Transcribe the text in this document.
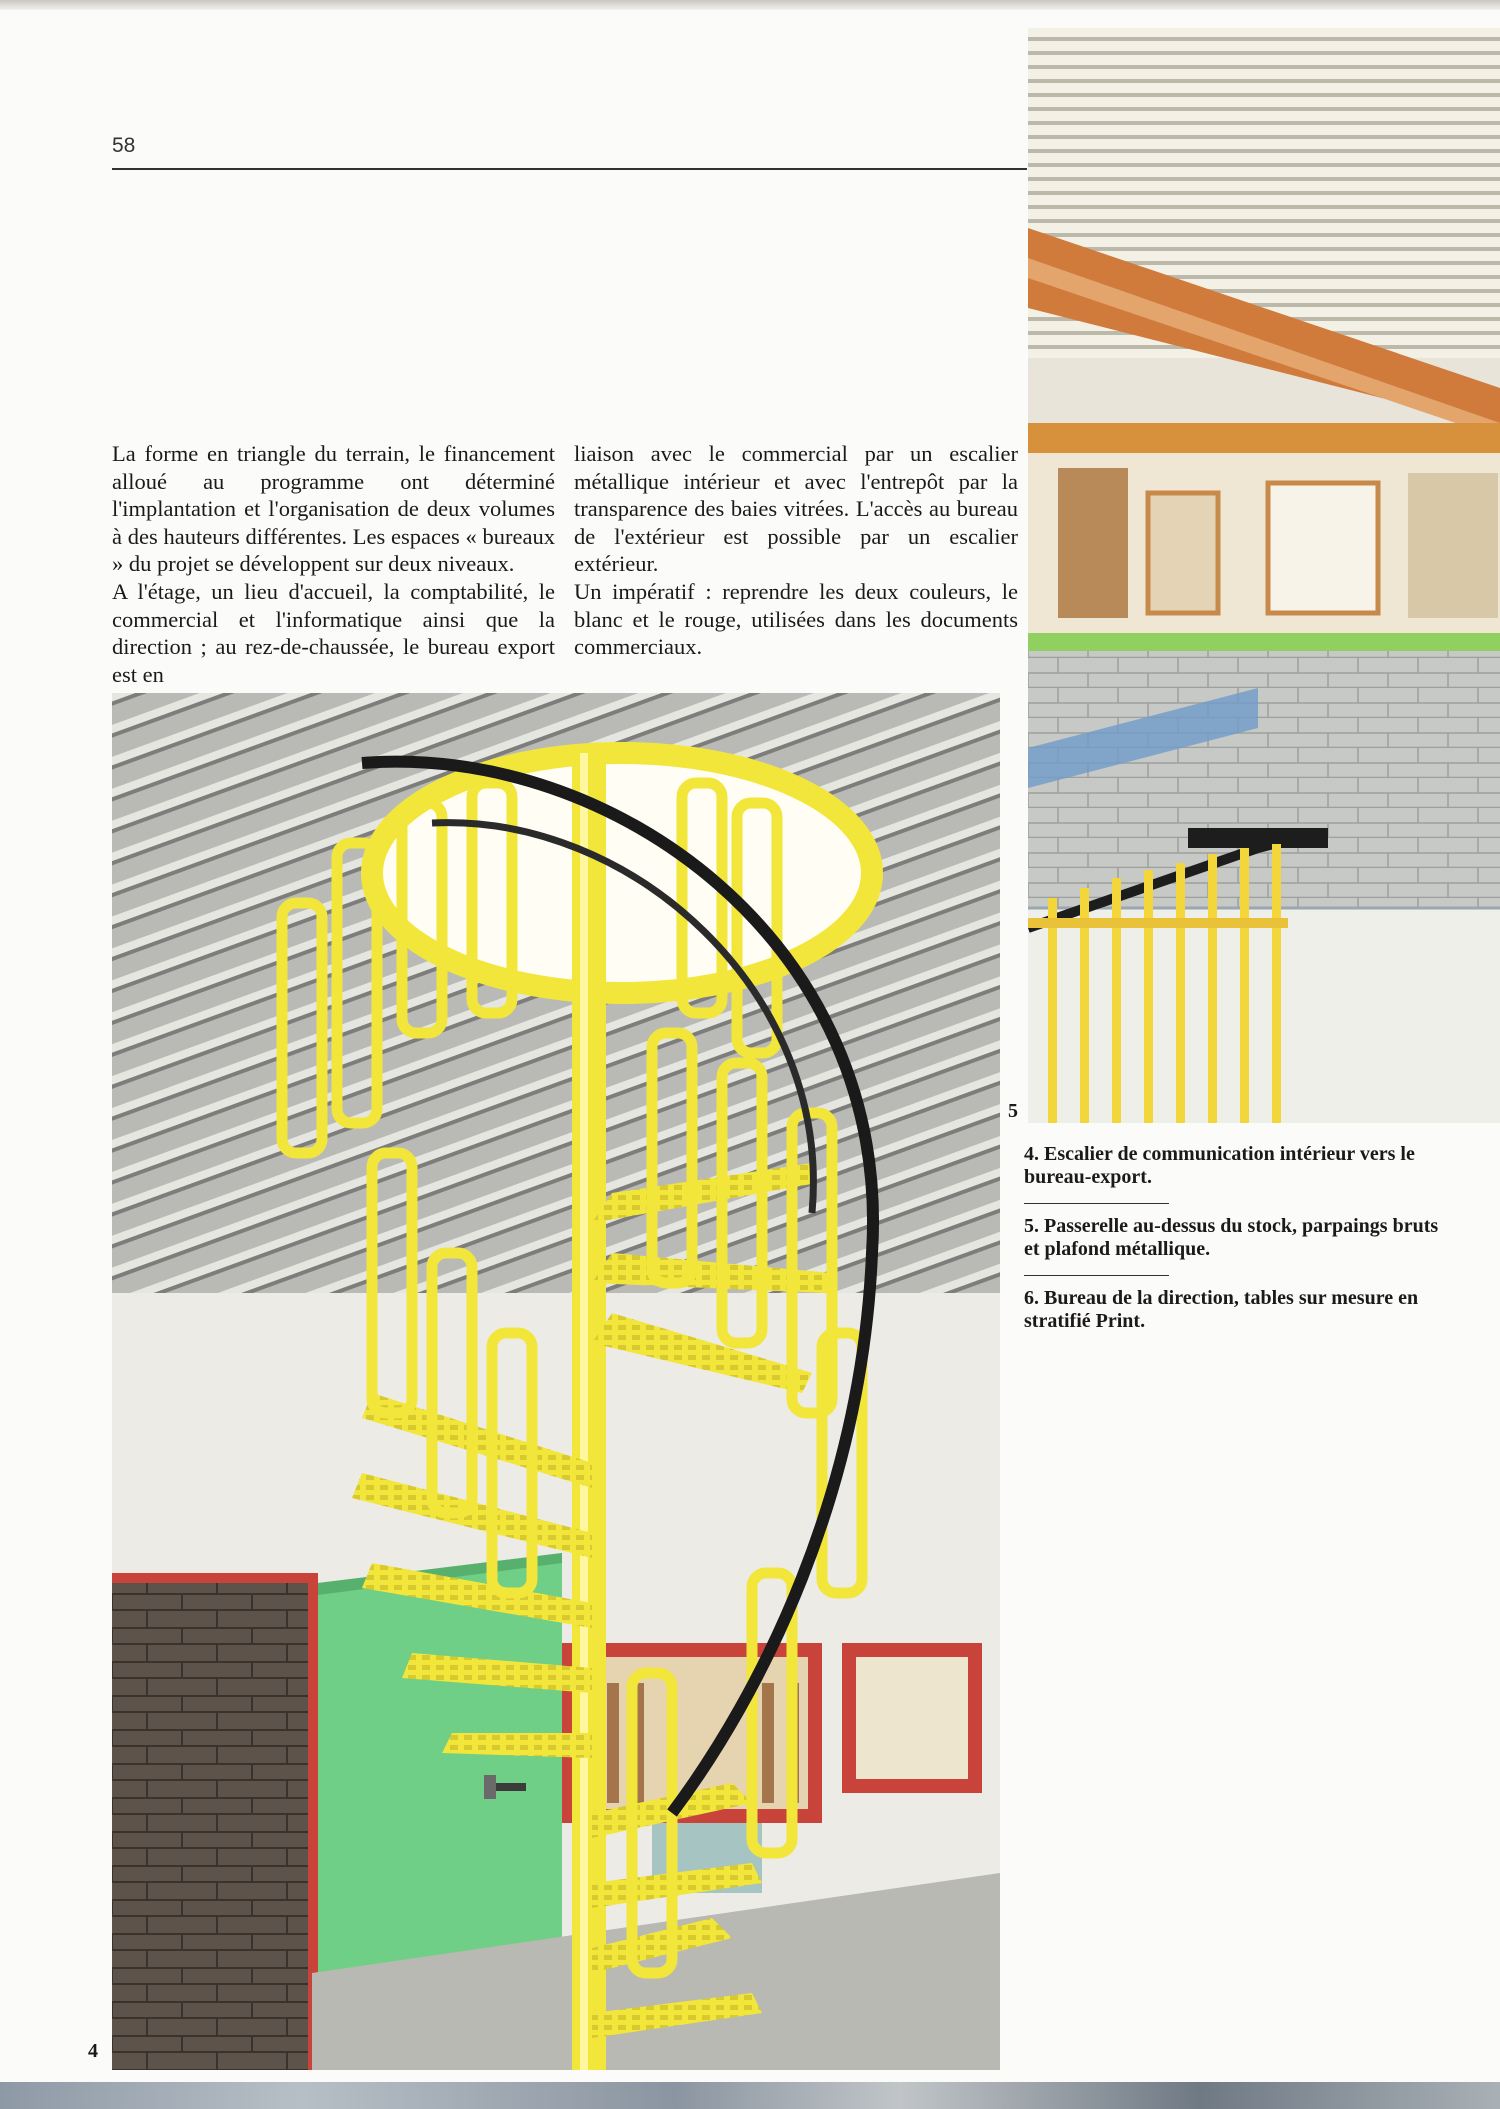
58

La forme en triangle du terrain, le financement alloué au programme ont déterminé l'implantation et l'organisation de deux volumes à des hauteurs différentes. Les espaces « bureaux » du projet se développent sur deux niveaux.

A l'étage, un lieu d'accueil, la comptabilité, le commercial et l'informatique ainsi que la direction ; au rez-de-chaussée, le bureau export est en

liaison avec le commercial par un escalier métallique intérieur et avec l'entrepôt par la transparence des baies vitrées. L'accès au bureau de l'extérieur est possible par un escalier extérieur.

Un impératif : reprendre les deux couleurs, le blanc et le rouge, utilisées dans les documents commerciaux.

4
5
4. Escalier de communication intérieur vers le bureau-export.
5. Passerelle au-dessus du stock, parpaings bruts et plafond métallique.
6. Bureau de la direction, tables sur mesure en stratifié Print.
